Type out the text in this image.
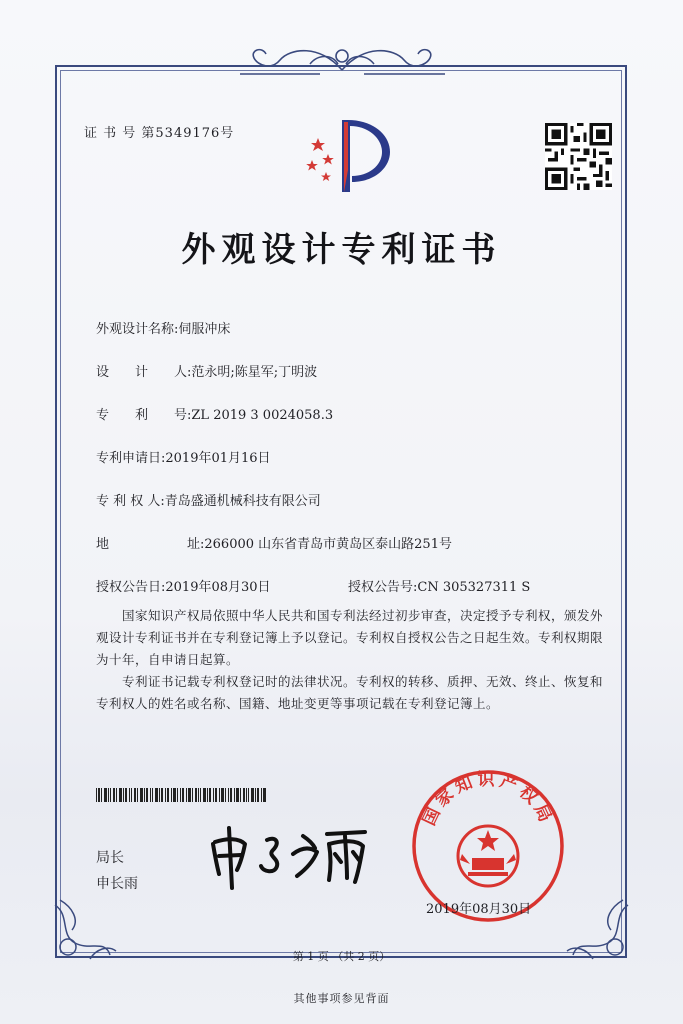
证 书 号 第5349176号
外观设计专利证书
外观设计名称:伺服冲床
设　　计　　人:范永明;陈星军;丁明波
专　　利　　号:ZL 2019 3 0024058.3
专利申请日:2019年01月16日
专 利 权 人:青岛盛通机械科技有限公司
地　　　　　　址:266000 山东省青岛市黄岛区泰山路251号
授权公告日:2019年08月30日	授权公告号:CN 305327311 S
国家知识产权局依照中华人民共和国专利法经过初步审查，决定授予专利权，颁发外观设计专利证书并在专利登记簿上予以登记。专利权自授权公告之日起生效。专利权期限为十年，自申请日起算。
专利证书记载专利权登记时的法律状况。专利权的转移、质押、无效、终止、恢复和专利权人的姓名或名称、国籍、地址变更等事项记载在专利登记簿上。
局长
申长雨
国家知识产权局
2019年08月30日
第 1 页 （共 2 页）
其他事项参见背面
